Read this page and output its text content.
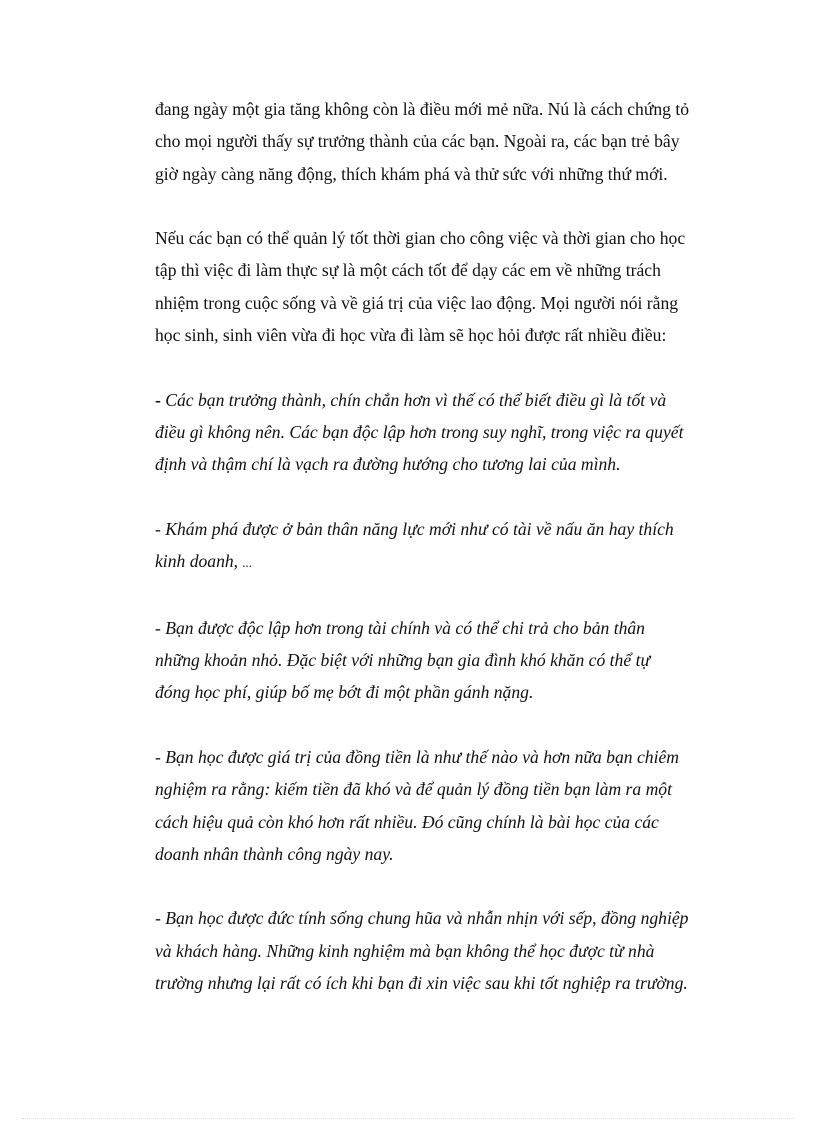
đang ngày một gia tăng không còn là điều mới mẻ nữa. Nú là cách chứng tỏ
cho mọi người thấy sự trưởng thành của các bạn. Ngoài ra, các bạn trẻ bây
giờ ngày càng năng động, thích khám phá và thử sức với những thứ mới.

Nếu các bạn có thể quản lý tốt thời gian cho công việc và thời gian cho học
tập thì việc đi làm thực sự là một cách tốt để dạy các em về những trách
nhiệm trong cuộc sống và về giá trị của việc lao động. Mọi người nói rằng
học sinh, sinh viên vừa đi học vừa đi làm sẽ học hỏi được rất nhiều điều:

- Các bạn trưởng thành, chín chắn hơn vì thế có thể biết điều gì là tốt và
điều gì không nên. Các bạn độc lập hơn trong suy nghĩ, trong việc ra quyết
định và thậm chí là vạch ra đường hướng cho tương lai của mình.

- Khám phá được ở bản thân năng lực mới như có tài về nấu ăn hay thích
kinh doanh, ...

- Bạn được độc lập hơn trong tài chính và có thể chi trả cho bản thân
những khoản nhỏ. Đặc biệt với những bạn gia đình khó khăn có thể tự
đóng học phí, giúp bố mẹ bớt đi một phần gánh nặng.

- Bạn học được giá trị của đồng tiền là như thế nào và hơn nữa bạn chiêm
nghiệm ra rằng: kiếm tiền đã khó và để quản lý đồng tiền bạn làm ra một
cách hiệu quả còn khó hơn rất nhiều. Đó cũng chính là bài học của các
doanh nhân thành công ngày nay.

- Bạn học được đức tính sống chung hũa và nhẫn nhịn với sếp, đồng nghiệp
và khách hàng. Những kinh nghiệm mà bạn không thể học được từ nhà
trường nhưng lại rất có ích khi bạn đi xin việc sau khi tốt nghiệp ra trường.
